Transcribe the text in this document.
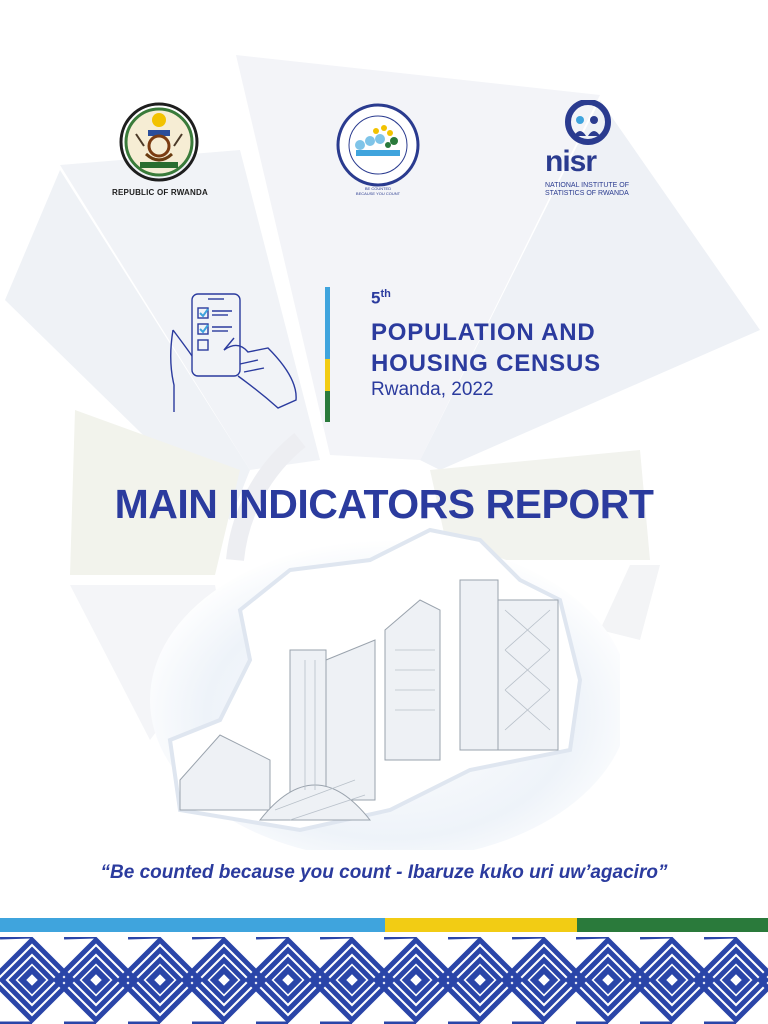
REPUBLIC OF RWANDA	BE COUNTED
BECAUSE YOU COUNT
nisr
NATIONAL INSTITUTE OF
STATISTICS OF RWANDA
5th
POPULATION AND
HOUSING CENSUS
Rwanda, 2022
MAIN INDICATORS REPORT
“Be counted because you count - Ibaruze kuko uri uw’agaciro”
